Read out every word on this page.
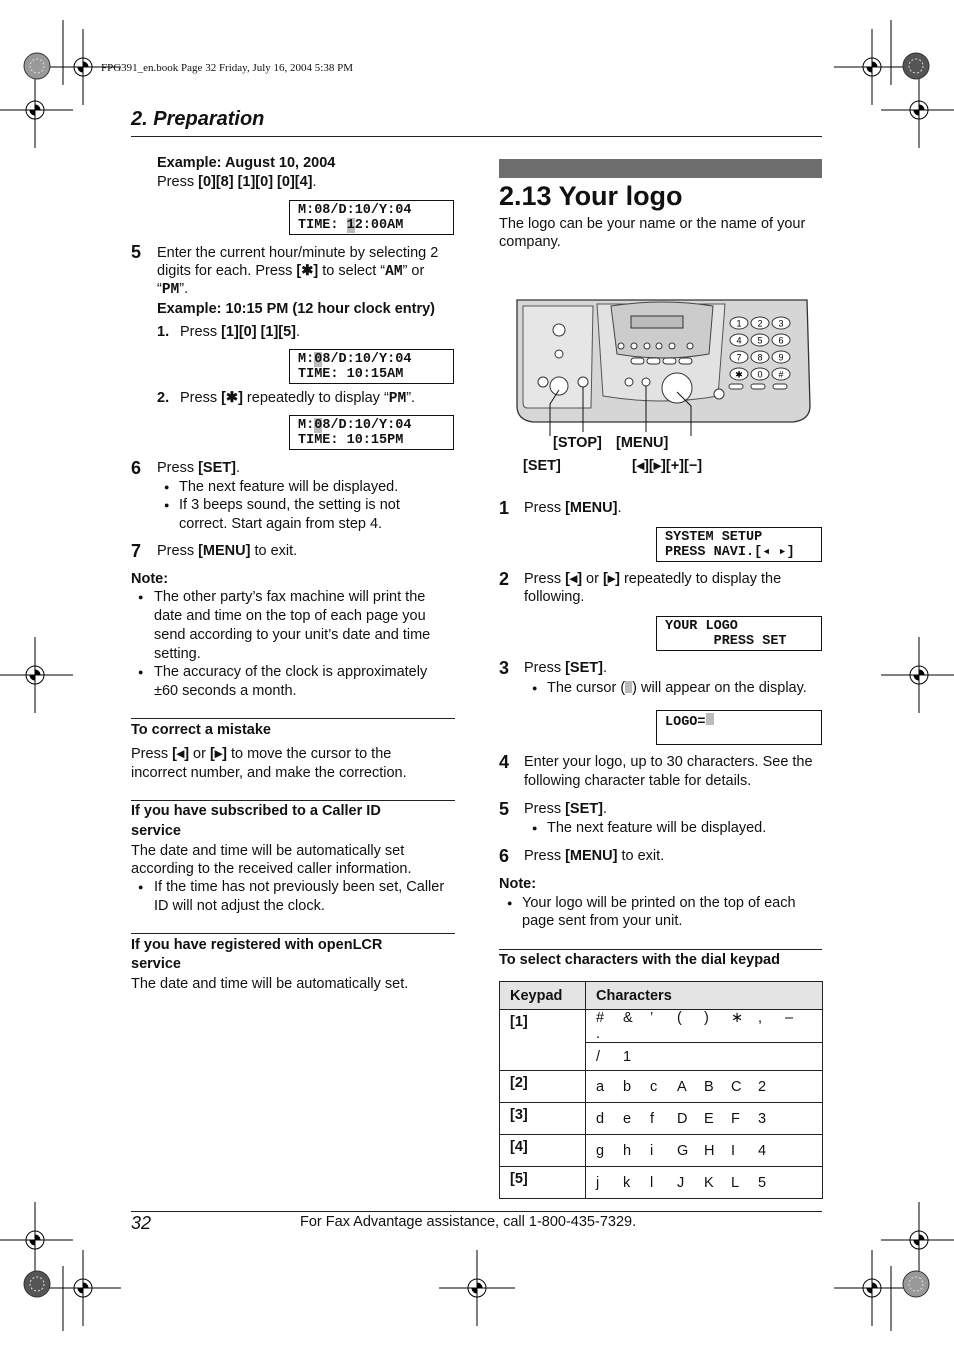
FPG391_en.book Page 32 Friday, July 16, 2004 5:38 PM
2. Preparation
Example: August 10, 2004
Press [0][8] [1][0] [0][4].
M:08/D:10/Y:04
TIME: 12:00AM
5 Enter the current hour/minute by selecting 2
digits for each. Press [✱] to select “AM” or
“PM”.
Example: 10:15 PM (12 hour clock entry)
1. Press [1][0] [1][5].
M:08/D:10/Y:04
TIME: 10:15AM
2. Press [✱] repeatedly to display “PM”.
M:08/D:10/Y:04
TIME: 10:15PM
6 Press [SET].
● The next feature will be displayed.
● If 3 beeps sound, the setting is not
correct. Start again from step 4.
7 Press [MENU] to exit.
Note:
● The other party’s fax machine will print the
date and time on the top of each page you
send according to your unit’s date and time
setting.
● The accuracy of the clock is approximately
±60 seconds a month.
To correct a mistake
Press [◂] or [▸] to move the cursor to the
incorrect number, and make the correction.
If you have subscribed to a Caller ID
service
The date and time will be automatically set
according to the received caller information.
● If the time has not previously been set, Caller
ID will not adjust the clock.
If you have registered with openLCR
service
The date and time will be automatically set.
2.13 Your logo
The logo can be your name or the name of your
company.
1 2 3
4 5 6
7 8 9
✱ 0 #
[STOP] [MENU]
[SET]	[◂][▸][+][−]
1 Press [MENU].
SYSTEM SETUP
PRESS NAVI.[◂ ▸]
2 Press [◂] or [▸] repeatedly to display the
following.
YOUR LOGO
PRESS SET
3 Press [SET].
● The cursor ( ) will appear on the display.
LOGO=
4 Enter your logo, up to 30 characters. See the
following character table for details.
5 Press [SET].
● The next feature will be displayed.
6 Press [MENU] to exit.
Note:
● Your logo will be printed on the top of each
page sent from your unit.
To select characters with the dial keypad
Keypad	Characters
[1]	# & ’ ( ) ∗ , –.
	/ 1
[2]	a b c A B C 2
[3]	d e f D E F 3
[4]	g h i G H I 4
[5]	j k l J K L 5
32	For Fax Advantage assistance, call 1-800-435-7329.
